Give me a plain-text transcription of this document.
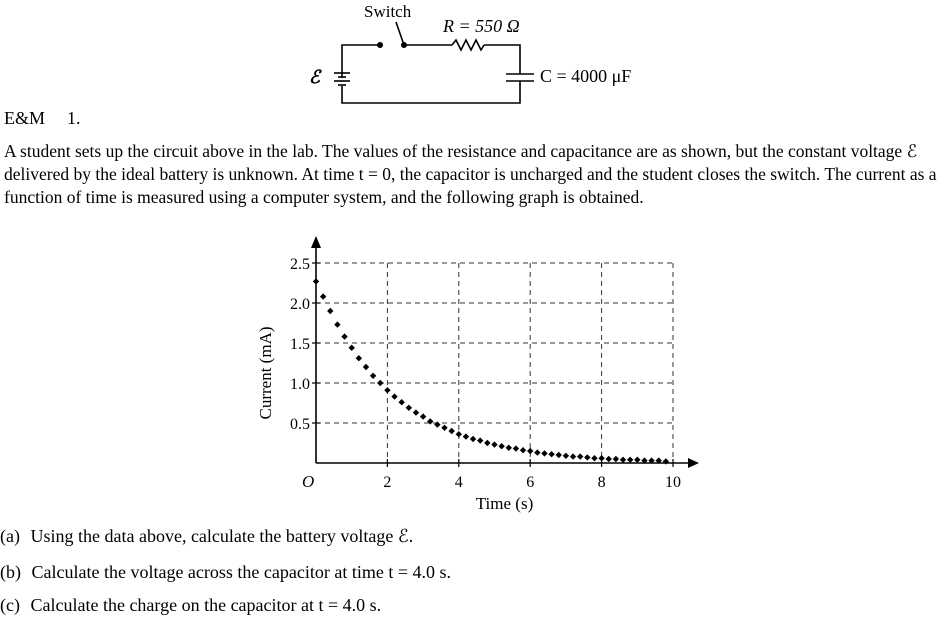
Switch
R = 550 Ω
C = 4000 μF
ℰ
E&M 1.
A student sets up the circuit above in the lab. The values of the resistance and capacitance are as shown, but the constant voltage ℰ delivered by the ideal battery is unknown. At time t = 0, the capacitor is uncharged and the student closes the switch. The current as a function of time is measured using a computer system, and the following graph is obtained.
2	4	6	8	10
0.5
1.0
1.5
2.0
2.5
O
Time (s)
Current (mA)
(a) Using the data above, calculate the battery voltage ℰ.
(b) Calculate the voltage across the capacitor at time t = 4.0 s.
(c) Calculate the charge on the capacitor at t = 4.0 s.
